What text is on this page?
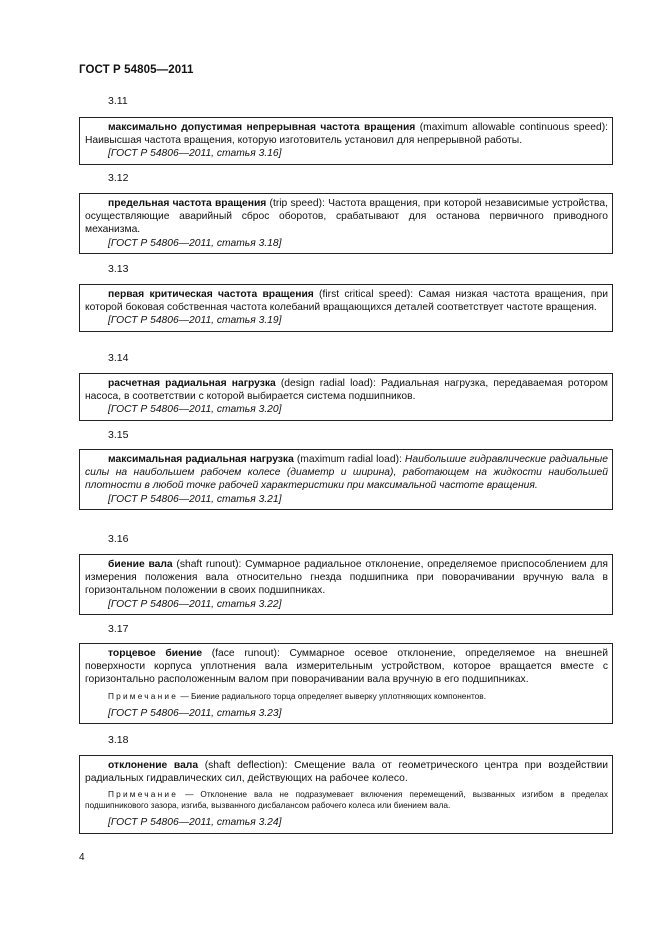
ГОСТ Р 54805—2011
3.11
максимально допустимая непрерывная частота вращения (maximum allowable continuous speed): Наивысшая частота вращения, которую изготовитель установил для непрерывной работы.
[ГОСТ Р 54806—2011, статья 3.16]
3.12
предельная частота вращения (trip speed): Частота вращения, при которой независимые устройства, осуществляющие аварийный сброс оборотов, срабатывают для останова первичного приводного механизма.
[ГОСТ Р 54806—2011, статья 3.18]
3.13
первая критическая частота вращения (first critical speed): Самая низкая частота вращения, при которой боковая собственная частота колебаний вращающихся деталей соответствует частоте вращения.
[ГОСТ Р 54806—2011, статья 3.19]
3.14
расчетная радиальная нагрузка (design radial load): Радиальная нагрузка, передаваемая ротором насоса, в соответствии с которой выбирается система подшипников.
[ГОСТ Р 54806—2011, статья 3.20]
3.15
максимальная радиальная нагрузка (maximum radial load): Наибольшие гидравлические радиальные силы на наибольшем рабочем колесе (диаметр и ширина), работающем на жидкости наибольшей плотности в любой точке рабочей характеристики при максимальной частоте вращения.
[ГОСТ Р 54806—2011, статья 3.21]
3.16
биение вала (shaft runout): Суммарное радиальное отклонение, определяемое приспособлением для измерения положения вала относительно гнезда подшипника при поворачивании вручную вала в горизонтальном положении в своих подшипниках.
[ГОСТ Р 54806—2011, статья 3.22]
3.17
торцевое биение (face runout): Суммарное осевое отклонение, определяемое на внешней поверхности корпуса уплотнения вала измерительным устройством, которое вращается вместе с горизонтально расположенным валом при поворачивании вала вручную в его подшипниках.
Примечание — Биение радиального торца определяет выверку уплотняющих компонентов.
[ГОСТ Р 54806—2011, статья 3.23]
3.18
отклонение вала (shaft deflection): Смещение вала от геометрического центра при воздействии радиальных гидравлических сил, действующих на рабочее колесо.
Примечание — Отклонение вала не подразумевает включения перемещений, вызванных изгибом в пределах подшипникового зазора, изгиба, вызванного дисбалансом рабочего колеса или биением вала.
[ГОСТ Р 54806—2011, статья 3.24]
4
